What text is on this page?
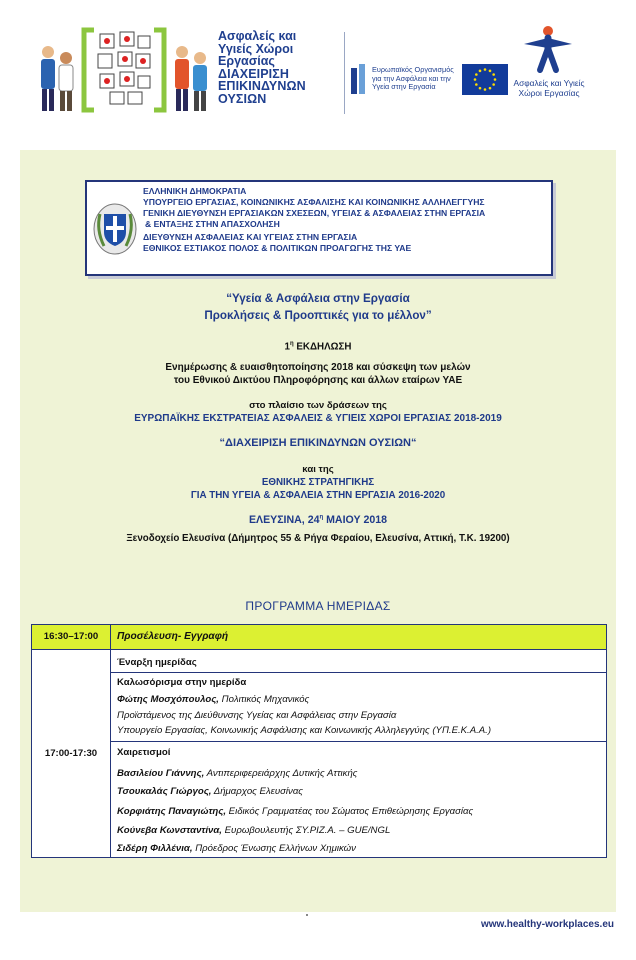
Ασφαλείς και
Υγιείς Χώροι
Εργασίας
ΔΙΑΧΕΙΡΙΣΗ
ΕΠΙΚΙΝΔΥΝΩΝ
ΟΥΣΙΩΝ
Ευρωπαϊκός Οργανισμός
για την Ασφάλεια και την
Υγεία στην Εργασία	Ασφαλείς και Υγιείς
Χώροι Εργασίας
ΕΛΛΗΝΙΚΗ ΔΗΜΟΚΡΑΤΙΑ
ΥΠΟΥΡΓΕΙΟ ΕΡΓΑΣΙΑΣ, ΚΟΙΝΩΝΙΚΗΣ ΑΣΦΑΛΙΣΗΣ ΚΑΙ ΚΟΙΝΩΝΙΚΗΣ ΑΛΛΗΛΕΓΓΥΗΣ
ΓΕΝΙΚΗ ΔΙΕΥΘΥΝΣΗ ΕΡΓΑΣΙΑΚΩΝ ΣΧΕΣΕΩΝ, ΥΓΕΙΑΣ & ΑΣΦΑΛΕΙΑΣ ΣΤΗΝ ΕΡΓΑΣΙΑ
& ΕΝΤΑΞΗΣ ΣΤΗΝ ΑΠΑΣΧΟΛΗΣΗ
ΔΙΕΥΘΥΝΣΗ ΑΣΦΑΛΕΙΑΣ ΚΑΙ ΥΓΕΙΑΣ ΣΤΗΝ ΕΡΓΑΣΙΑ
ΕΘΝΙΚΟΣ ΕΣΤΙΑΚΟΣ ΠΟΛΟΣ & ΠΟΛΙΤΙΚΩΝ ΠΡΟΑΓΩΓΗΣ ΤΗΣ ΥΑΕ
“Υγεία & Ασφάλεια στην Εργασία
Προκλήσεις & Προοπτικές για το μέλλον”
$1^\eta$ ΕΚΔΗΛΩΣΗ
Ενημέρωσης & ευαισθητοποίησης 2018 και σύσκεψη των μελών
του Εθνικού Δικτύου Πληροφόρησης και άλλων εταίρων ΥΑΕ
στο πλαίσιο των δράσεων της
ΕΥΡΩΠΑΪΚΗΣ ΕΚΣΤΡΑΤΕΙΑΣ ΑΣΦΑΛΕΙΣ & ΥΓΙΕΙΣ ΧΩΡΟΙ ΕΡΓΑΣΙΑΣ 2018-2019
“ΔΙΑΧΕΙΡΙΣΗ ΕΠΙΚΙΝΔΥΝΩΝ ΟΥΣΙΩΝ“
και της
ΕΘΝΙΚΗΣ ΣΤΡΑΤΗΓΙΚΗΣ
ΓΙΑ ΤΗΝ ΥΓΕΙΑ & ΑΣΦΑΛΕΙΑ ΣΤΗΝ ΕΡΓΑΣΙΑ 2016-2020
ΕΛΕΥΣΙΝΑ, $24^\eta$ ΜΑΙΟΥ 2018
Ξενοδοχείο Ελευσίνα (Δήμητρος 55 & Ρήγα Φεραίου, Ελευσίνα, Αττική, Τ.Κ. 19200)
ΠΡΟΓΡΑΜΜΑ ΗΜΕΡΙΔΑΣ
16:30–17:00	Προσέλευση- Εγγραφή
17:00-17:30
Έναρξη ημερίδας
Καλωσόρισμα στην ημερίδα
Φώτης Μοσχόπουλος, Πολιτικός Μηχανικός
Προϊστάμενος της Διεύθυνσης Υγείας και Ασφάλειας στην Εργασία
Υπουργείο Εργασίας, Κοινωνικής Ασφάλισης και Κοινωνικής Αλληλεγγύης (ΥΠ.Ε.Κ.Α.Α.)
Χαιρετισμοί
Βασιλείου Γιάννης, Αντιπεριφερειάρχης Δυτικής Αττικής
Τσουκαλάς Γιώργος, Δήμαρχος Ελευσίνας
Κορφιάτης Παναγιώτης, Ειδικός Γραμματέας του Σώματος Επιθεώρησης Εργασίας
Κούνεβα Κωνσταντίνα, Ευρωβουλευτής ΣΥ.ΡΙΖ.Α. – GUE/NGL
Σιδέρη Φιλλένια, Πρόεδρος Ένωσης Ελλήνων Χημικών
www.healthy-workplaces.eu
